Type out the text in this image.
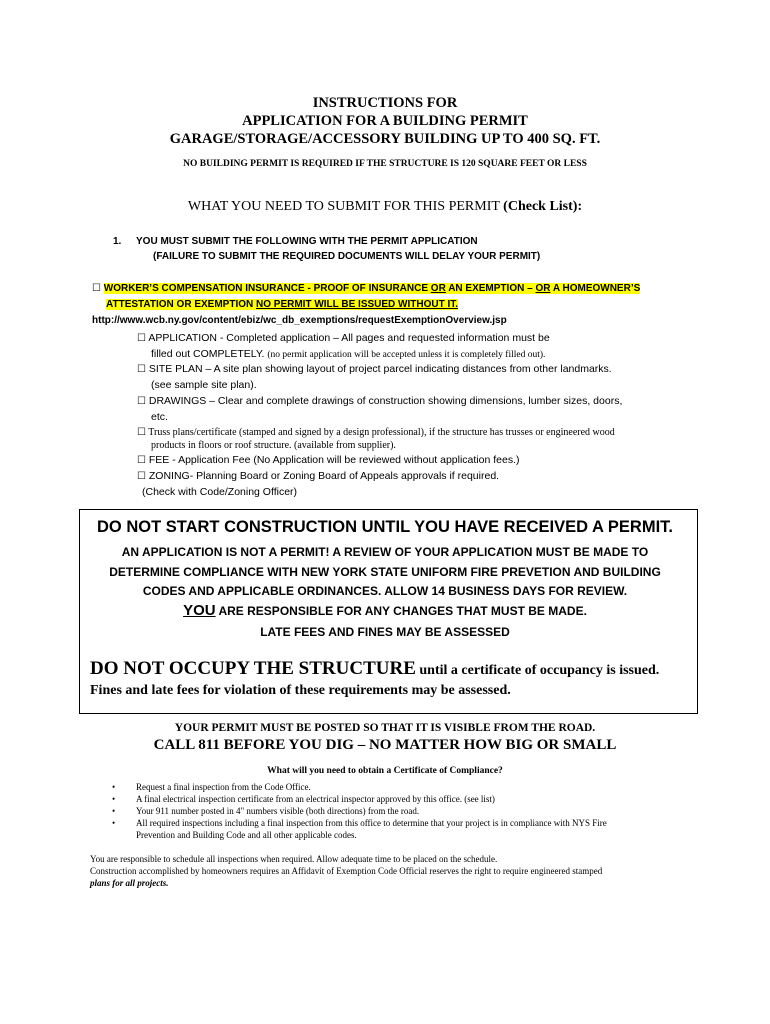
INSTRUCTIONS FOR
APPLICATION FOR A BUILDING PERMIT
GARAGE/STORAGE/ACCESSORY BUILDING UP TO 400 SQ. FT.
NO BUILDING PERMIT IS REQUIRED IF THE STRUCTURE IS 120 SQUARE FEET OR LESS
WHAT YOU NEED TO SUBMIT FOR THIS PERMIT (Check List):
1. YOU MUST SUBMIT THE FOLLOWING WITH THE PERMIT APPLICATION
(FAILURE TO SUBMIT THE REQUIRED DOCUMENTS WILL DELAY YOUR PERMIT)
☐ WORKER’S COMPENSATION INSURANCE - PROOF OF INSURANCE OR AN EXEMPTION – OR A HOMEOWNER’S
ATTESTATION OR EXEMPTION NO PERMIT WILL BE ISSUED WITHOUT IT.
http://www.wcb.ny.gov/content/ebiz/wc_db_exemptions/requestExemptionOverview.jsp
☐ APPLICATION - Completed application – All pages and requested information must be
filled out COMPLETELY. (no permit application will be accepted unless it is completely filled out).
☐ SITE PLAN – A site plan showing layout of project parcel indicating distances from other landmarks.
(see sample site plan).
☐ DRAWINGS – Clear and complete drawings of construction showing dimensions, lumber sizes, doors,
etc.
☐ Truss plans/certificate (stamped and signed by a design professional), if the structure has trusses or engineered wood
products in floors or roof structure. (available from supplier).
☐ FEE - Application Fee (No Application will be reviewed without application fees.)
☐ ZONING- Planning Board or Zoning Board of Appeals approvals if required.
(Check with Code/Zoning Officer)
DO NOT START CONSTRUCTION UNTIL YOU HAVE RECEIVED A PERMIT.
AN APPLICATION IS NOT A PERMIT! A REVIEW OF YOUR APPLICATION MUST BE MADE TO
DETERMINE COMPLIANCE WITH NEW YORK STATE UNIFORM FIRE PREVETION AND BUILDING
CODES AND APPLICABLE ORDINANCES. ALLOW 14 BUSINESS DAYS FOR REVIEW.
YOU ARE RESPONSIBLE FOR ANY CHANGES THAT MUST BE MADE.
LATE FEES AND FINES MAY BE ASSESSED
DO NOT OCCUPY THE STRUCTURE until a certificate of occupancy is issued.
Fines and late fees for violation of these requirements may be assessed.
YOUR PERMIT MUST BE POSTED SO THAT IT IS VISIBLE FROM THE ROAD.
CALL 811 BEFORE YOU DIG – NO MATTER HOW BIG OR SMALL
What will you need to obtain a Certificate of Compliance?
• Request a final inspection from the Code Office.
• A final electrical inspection certificate from an electrical inspector approved by this office. (see list)
• Your 911 number posted in 4" numbers visible (both directions) from the road.
• All required inspections including a final inspection from this office to determine that your project is in compliance with NYS Fire
Prevention and Building Code and all other applicable codes.
You are responsible to schedule all inspections when required. Allow adequate time to be placed on the schedule.
Construction accomplished by homeowners requires an Affidavit of Exemption Code Official reserves the right to require engineered stamped
plans for all projects.
